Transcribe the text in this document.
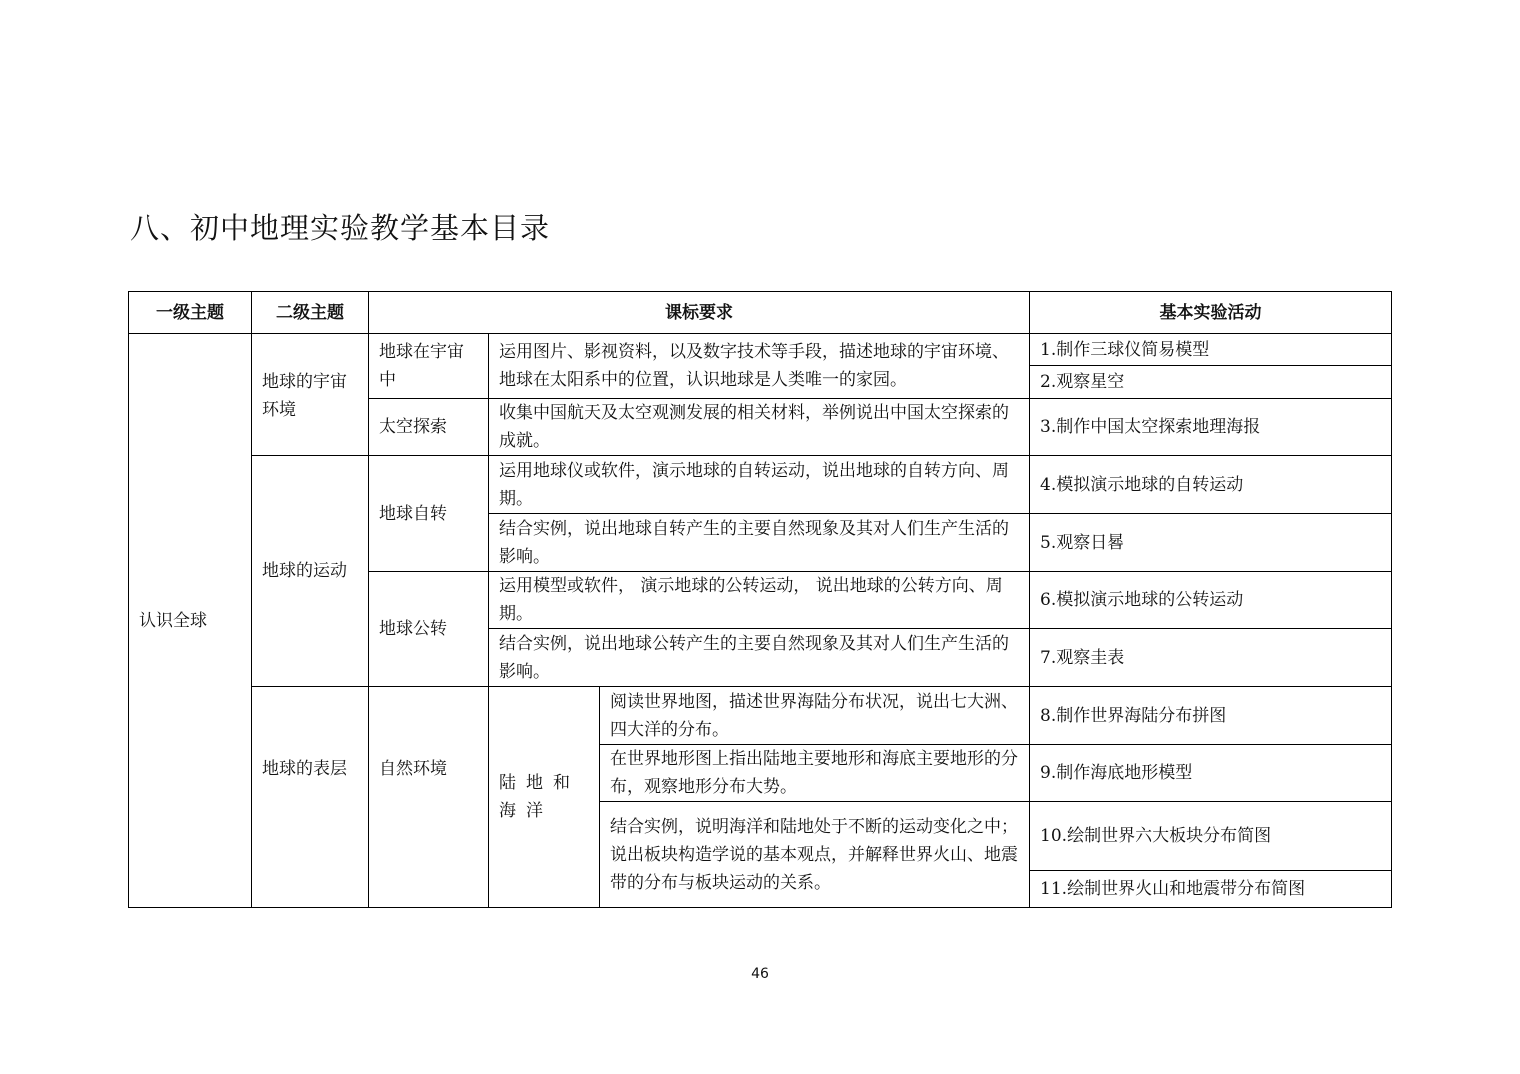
八、初中地理实验教学基本目录
一级主题	二级主题	课标要求			基本实验活动
认识全球	地球的宇宙环境	地球在宇宙中	运用图片、影视资料，以及数字技术等手段，描述地球的宇宙环境、地球在太阳系中的位置，认识地球是人类唯一的家园。		1.制作三球仪简易模型
					2.观察星空
		太空探索	收集中国航天及太空观测发展的相关材料，举例说出中国太空探索的成就。		3.制作中国太空探索地理海报
	地球的运动	地球自转	运用地球仪或软件，演示地球的自转运动，说出地球的自转方向、周期。		4.模拟演示地球的自转运动
			结合实例，说出地球自转产生的主要自然现象及其对人们生产生活的影响。		5.观察日晷
		地球公转	运用模型或软件， 演示地球的公转运动， 说出地球的公转方向、周期。		6.模拟演示地球的公转运动
			结合实例，说出地球公转产生的主要自然现象及其对人们生产生活的影响。		7.观察圭表
	地球的表层	自然环境	陆地和海洋	阅读世界地图，描述世界海陆分布状况，说出七大洲、四大洋的分布。	8.制作世界海陆分布拼图
				在世界地形图上指出陆地主要地形和海底主要地形的分布，观察地形分布大势。	9.制作海底地形模型
				结合实例，说明海洋和陆地处于不断的运动变化之中；说出板块构造学说的基本观点，并解释世界火山、地震带的分布与板块运动的关系。	10.绘制世界六大板块分布简图
					11.绘制世界火山和地震带分布简图
46
